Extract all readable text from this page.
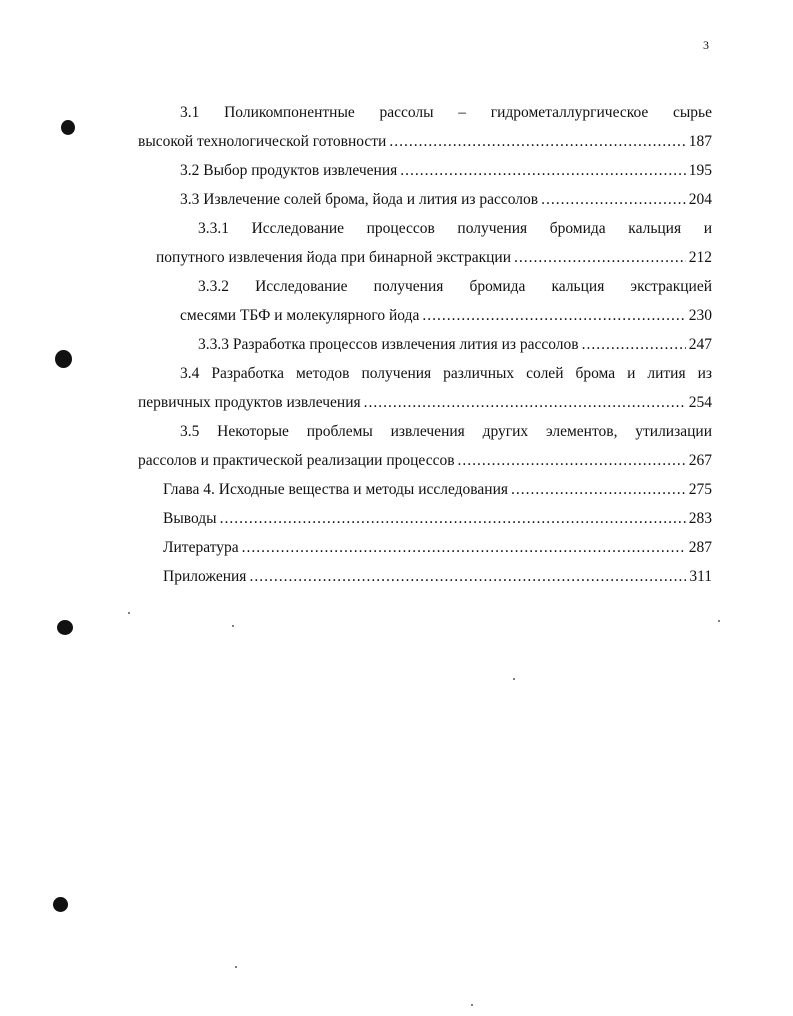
3
3.1 Поликомпонентные рассолы – гидрометаллургическое сырье
высокой технологической готовности .....	187
3.2 Выбор продуктов извлечения .....	195
3.3 Извлечение солей брома, йода и лития из рассолов .....	204
3.3.1 Исследование процессов получения бромида кальция и
попутного извлечения йода при бинарной экстракции .....	212
3.3.2 Исследование получения бромида кальция экстракцией
смесями ТБФ и молекулярного йода .....	230
3.3.3 Разработка процессов извлечения лития из рассолов .....	247
3.4 Разработка методов получения различных солей брома и лития из
первичных продуктов извлечения .....	254
3.5 Некоторые проблемы извлечения других элементов, утилизации
рассолов и практической реализации процессов .....	267
Глава 4. Исходные вещества и методы исследования .....	275
Выводы .....	283
Литература .....	287
Приложения .....	311
